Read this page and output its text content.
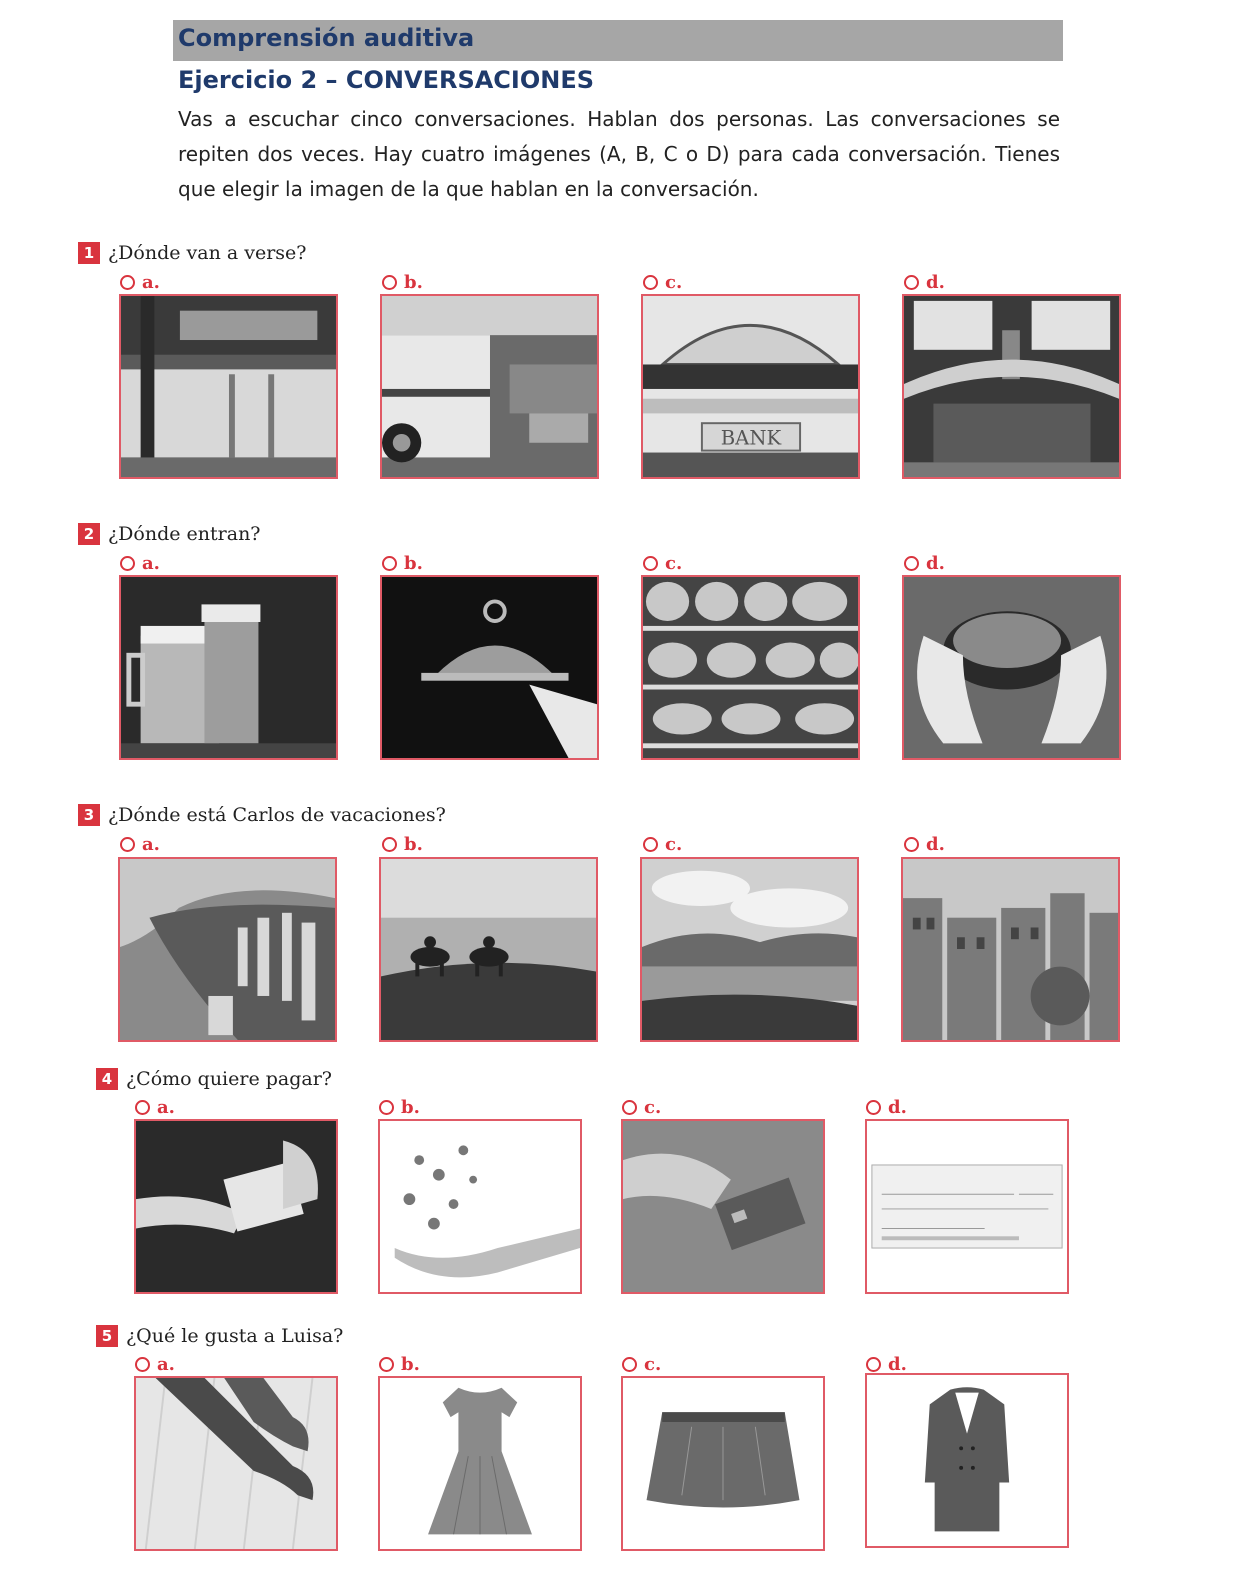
Comprensión auditiva
Ejercicio 2 – CONVERSACIONES
Vas a escuchar cinco conversaciones. Hablan dos personas. Las conversaciones se repiten dos veces. Hay cuatro imágenes (A, B, C o D) para cada conversación. Tienes que elegir la imagen de la que hablan en la conversación.
1 ¿Dónde van a verse?
a.	b.	c.	d.
BANK
2 ¿Dónde entran?
a.	b.	c.	d.
3 ¿Dónde está Carlos de vacaciones?
a.	b.	c.	d.
4 ¿Cómo quiere pagar?
a.	b.	c.	d.
5 ¿Qué le gusta a Luisa?
a.	b.	c.	d.
